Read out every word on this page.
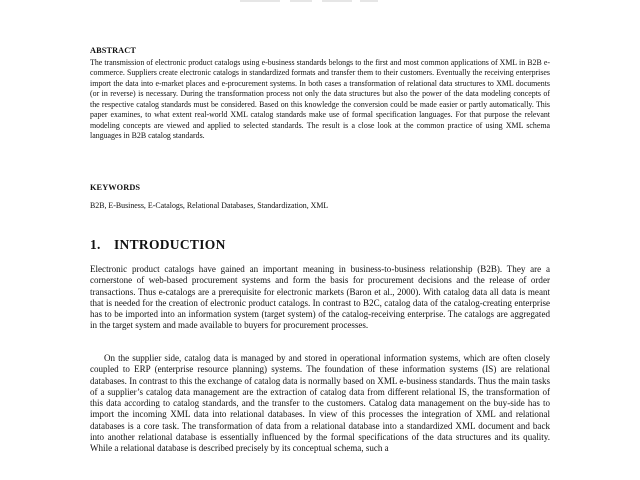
ABSTRACT

The transmission of electronic product catalogs using e-business standards belongs to the first and most common applications of XML in B2B e-commerce. Suppliers create electronic catalogs in standardized formats and transfer them to their customers. Eventually the receiving enterprises import the data into e-market places and e-procurement systems. In both cases a transformation of relational data structures to XML documents (or in reverse) is necessary. During the transformation process not only the data structures but also the power of the data modeling concepts of the respective catalog standards must be considered. Based on this knowledge the conversion could be made easier or partly automatically. This paper examines, to what extent real-world XML catalog standards make use of formal specification languages. For that purpose the relevant modeling concepts are viewed and applied to selected standards. The result is a close look at the common practice of using XML schema languages in B2B catalog standards.

KEYWORDS

B2B, E-Business, E-Catalogs, Relational Databases, Standardization, XML

1. INTRODUCTION

Electronic product catalogs have gained an important meaning in business-to-business relationship (B2B). They are a cornerstone of web-based procurement systems and form the basis for procurement decisions and the release of order transactions. Thus e-catalogs are a prerequisite for electronic markets (Baron et al., 2000). With catalog data all data is meant that is needed for the creation of electronic product catalogs. In contrast to B2C, catalog data of the catalog-creating enterprise has to be imported into an information system (target system) of the catalog-receiving enterprise. The catalogs are aggregated in the target system and made available to buyers for procurement processes.

On the supplier side, catalog data is managed by and stored in operational information systems, which are often closely coupled to ERP (enterprise resource planning) systems. The foundation of these information systems (IS) are relational databases. In contrast to this the exchange of catalog data is normally based on XML e-business standards. Thus the main tasks of a supplier’s catalog data management are the extraction of catalog data from different relational IS, the transformation of this data according to catalog standards, and the transfer to the customers. Catalog data management on the buy-side has to import the incoming XML data into relational databases. In view of this processes the integration of XML and relational databases is a core task. The transformation of data from a relational database into a standardized XML document and back into another relational database is essentially influenced by the formal specifications of the data structures and its quality. While a relational database is described precisely by its conceptual schema, such a
